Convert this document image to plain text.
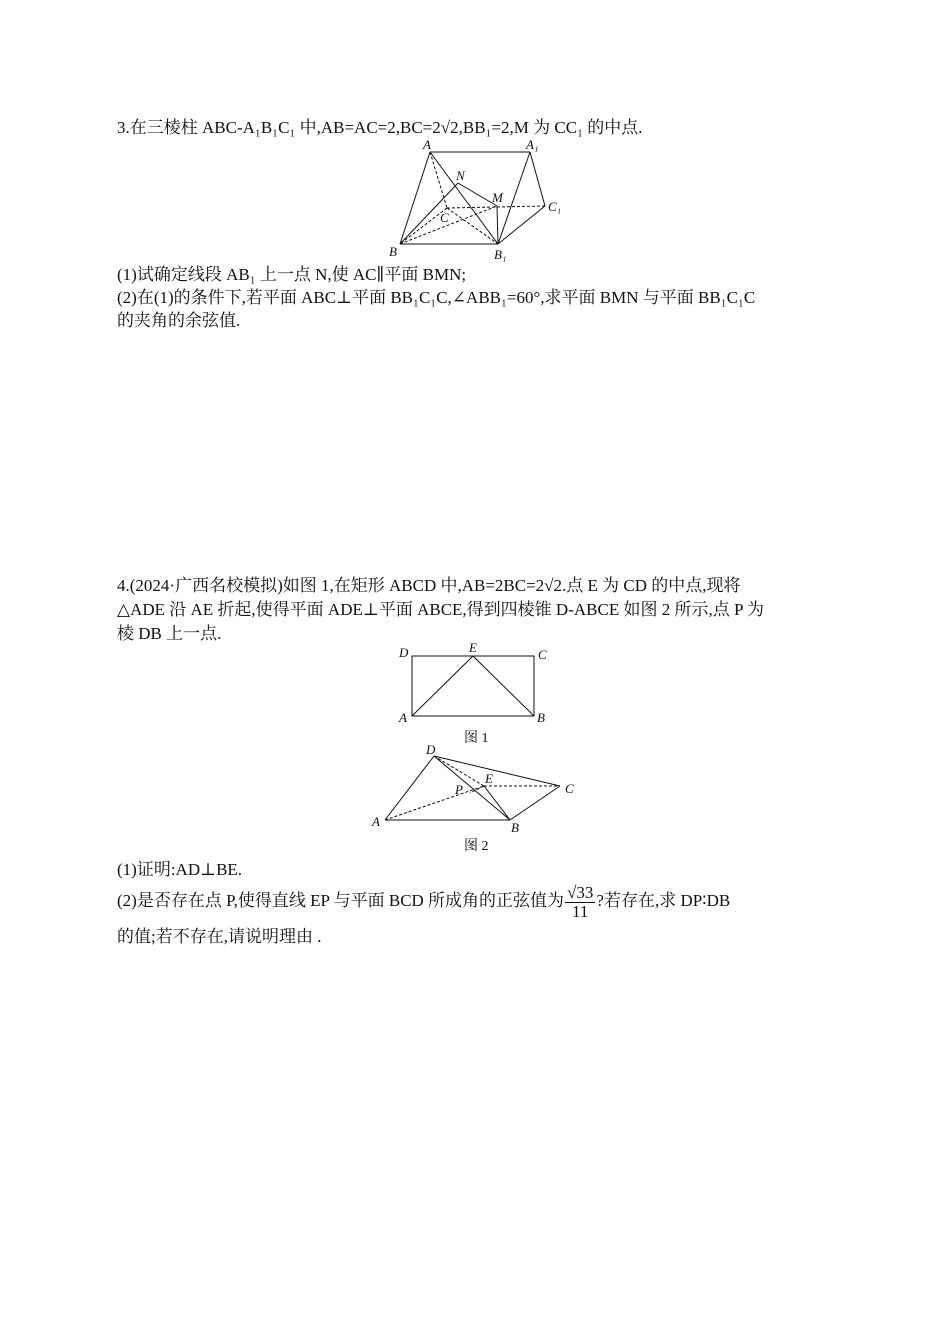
3.在三棱柱 ABC-A₁B₁C₁ 中,AB=AC=2,BC=2√2,BB₁=2,M 为 CC₁ 的中点.
A	A₁
N
C
M
C₁
B	B₁
(1)试确定线段 AB₁ 上一点 N,使 AC∥平面 BMN;
(2)在(1)的条件下,若平面 ABC⊥平面 BB₁C₁C,∠ABB₁=60°,求平面 BMN 与平面 BB₁C₁C
的夹角的余弦值.
4.(2024·广西名校模拟)如图 1,在矩形 ABCD 中,AB=2BC=2√2.点 E 为 CD 的中点,现将
△ADE 沿 AE 折起,使得平面 ADE⊥平面 ABCE,得到四棱锥 D-ABCE 如图 2 所示,点 P 为
棱 DB 上一点.
D	E	C
A	B
图 1
D
E
P	C
A	B
图 2
(1)证明:AD⊥BE.
(2)是否存在点 P,使得直线 EP 与平面 BCD 所成角的正弦值为 $\frac{√33}{11}$ ?若存在,求 DP∶DB
的值;若不存在,请说明理由 .
